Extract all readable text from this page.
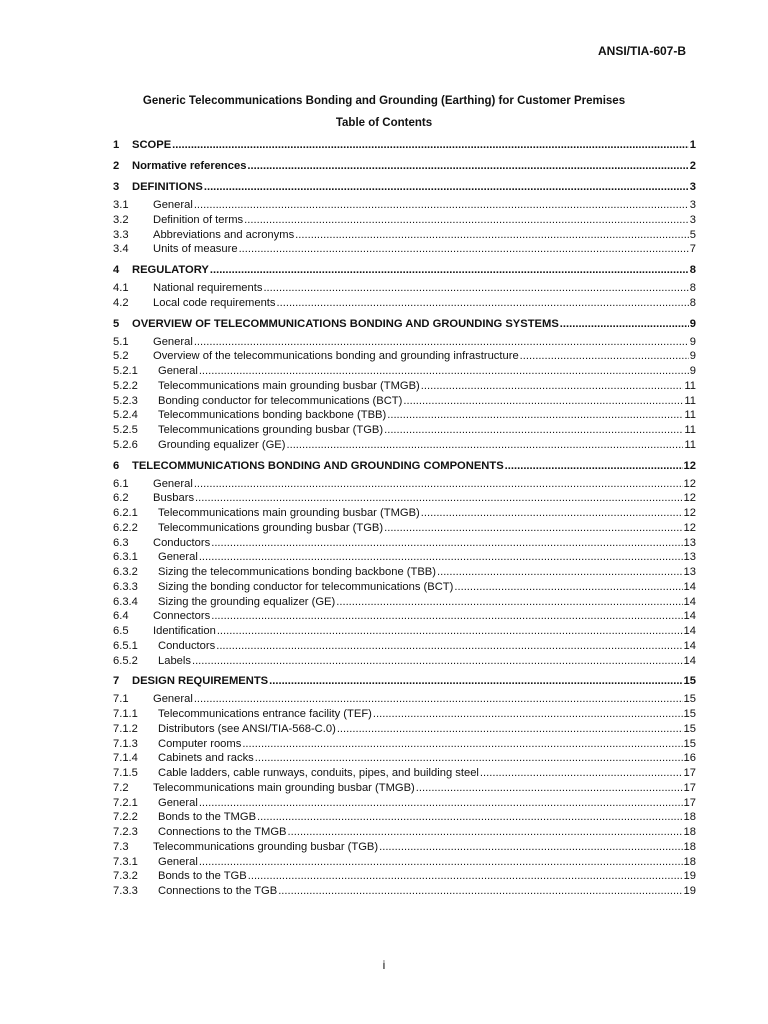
ANSI/TIA-607-B
Generic Telecommunications Bonding and Grounding (Earthing) for Customer Premises
Table of Contents
1	SCOPE .....	1
2	Normative references .....	2
3	DEFINITIONS .....	3
3.1	General .....	3
3.2	Definition of terms .....	3
3.3	Abbreviations and acronyms .....	5
3.4	Units of measure .....	7
4	REGULATORY .....	8
4.1	National requirements .....	8
4.2	Local code requirements .....	8
5	OVERVIEW OF TELECOMMUNICATIONS BONDING AND GROUNDING SYSTEMS .....	9
5.1	General .....	9
5.2	Overview of the telecommunications bonding and grounding infrastructure .....	9
5.2.1	General .....	9
5.2.2	Telecommunications main grounding busbar (TMGB) .....	11
5.2.3	Bonding conductor for telecommunications (BCT) .....	11
5.2.4	Telecommunications bonding backbone (TBB) .....	11
5.2.5	Telecommunications grounding busbar (TGB) .....	11
5.2.6	Grounding equalizer (GE) .....	11
6	TELECOMMUNICATIONS BONDING AND GROUNDING COMPONENTS .....	12
6.1	General .....	12
6.2	Busbars .....	12
6.2.1	Telecommunications main grounding busbar (TMGB) .....	12
6.2.2	Telecommunications grounding busbar (TGB) .....	12
6.3	Conductors .....	13
6.3.1	General .....	13
6.3.2	Sizing the telecommunications bonding backbone (TBB) .....	13
6.3.3	Sizing the bonding conductor for telecommunications (BCT) .....	14
6.3.4	Sizing the grounding equalizer (GE) .....	14
6.4	Connectors .....	14
6.5	Identification .....	14
6.5.1	Conductors .....	14
6.5.2	Labels .....	14
7	DESIGN REQUIREMENTS .....	15
7.1	General .....	15
7.1.1	Telecommunications entrance facility (TEF) .....	15
7.1.2	Distributors (see ANSI/TIA-568-C.0) .....	15
7.1.3	Computer rooms .....	15
7.1.4	Cabinets and racks .....	16
7.1.5	Cable ladders, cable runways, conduits, pipes, and building steel .....	17
7.2	Telecommunications main grounding busbar (TMGB) .....	17
7.2.1	General .....	17
7.2.2	Bonds to the TMGB .....	18
7.2.3	Connections to the TMGB .....	18
7.3	Telecommunications grounding busbar (TGB) .....	18
7.3.1	General .....	18
7.3.2	Bonds to the TGB .....	19
7.3.3	Connections to the TGB .....	19
i
